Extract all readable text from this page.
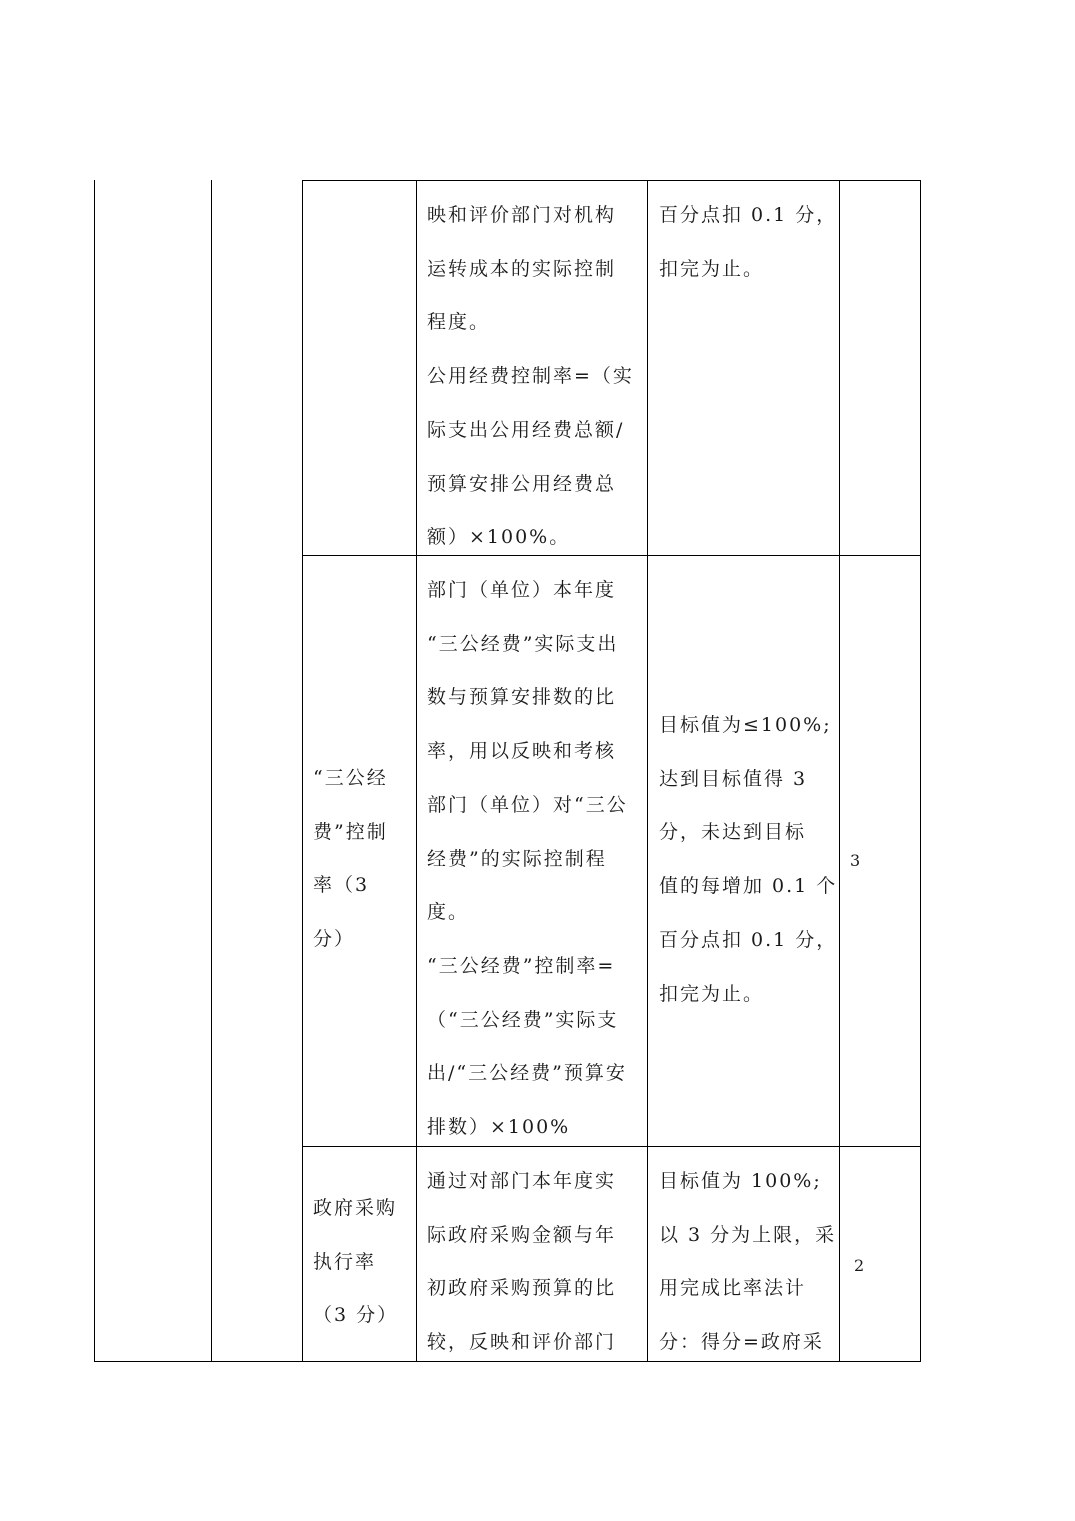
映和评价部门对机构
运转成本的实际控制
程度。
公用经费控制率=（实
际支出公用经费总额/
预算安排公用经费总
额）×100%。
百分点扣 0.1 分，
扣完为止。
“三公经
费”控制
率（3
分）
部门（单位）本年度
“三公经费”实际支出
数与预算安排数的比
率，用以反映和考核
部门（单位）对“三公
经费”的实际控制程
度。
“三公经费”控制率=
（“三公经费”实际支
出/“三公经费”预算安
排数）×100%
目标值为≤100%;
达到目标值得 3
分，未达到目标
值的每增加 0.1 个
百分点扣 0.1 分，
扣完为止。
3
政府采购
执行率
（3 分）
通过对部门本年度实
际政府采购金额与年
初政府采购预算的比
较，反映和评价部门
目标值为 100%;
以 3 分为上限，采
用完成比率法计
分：得分=政府采
2
